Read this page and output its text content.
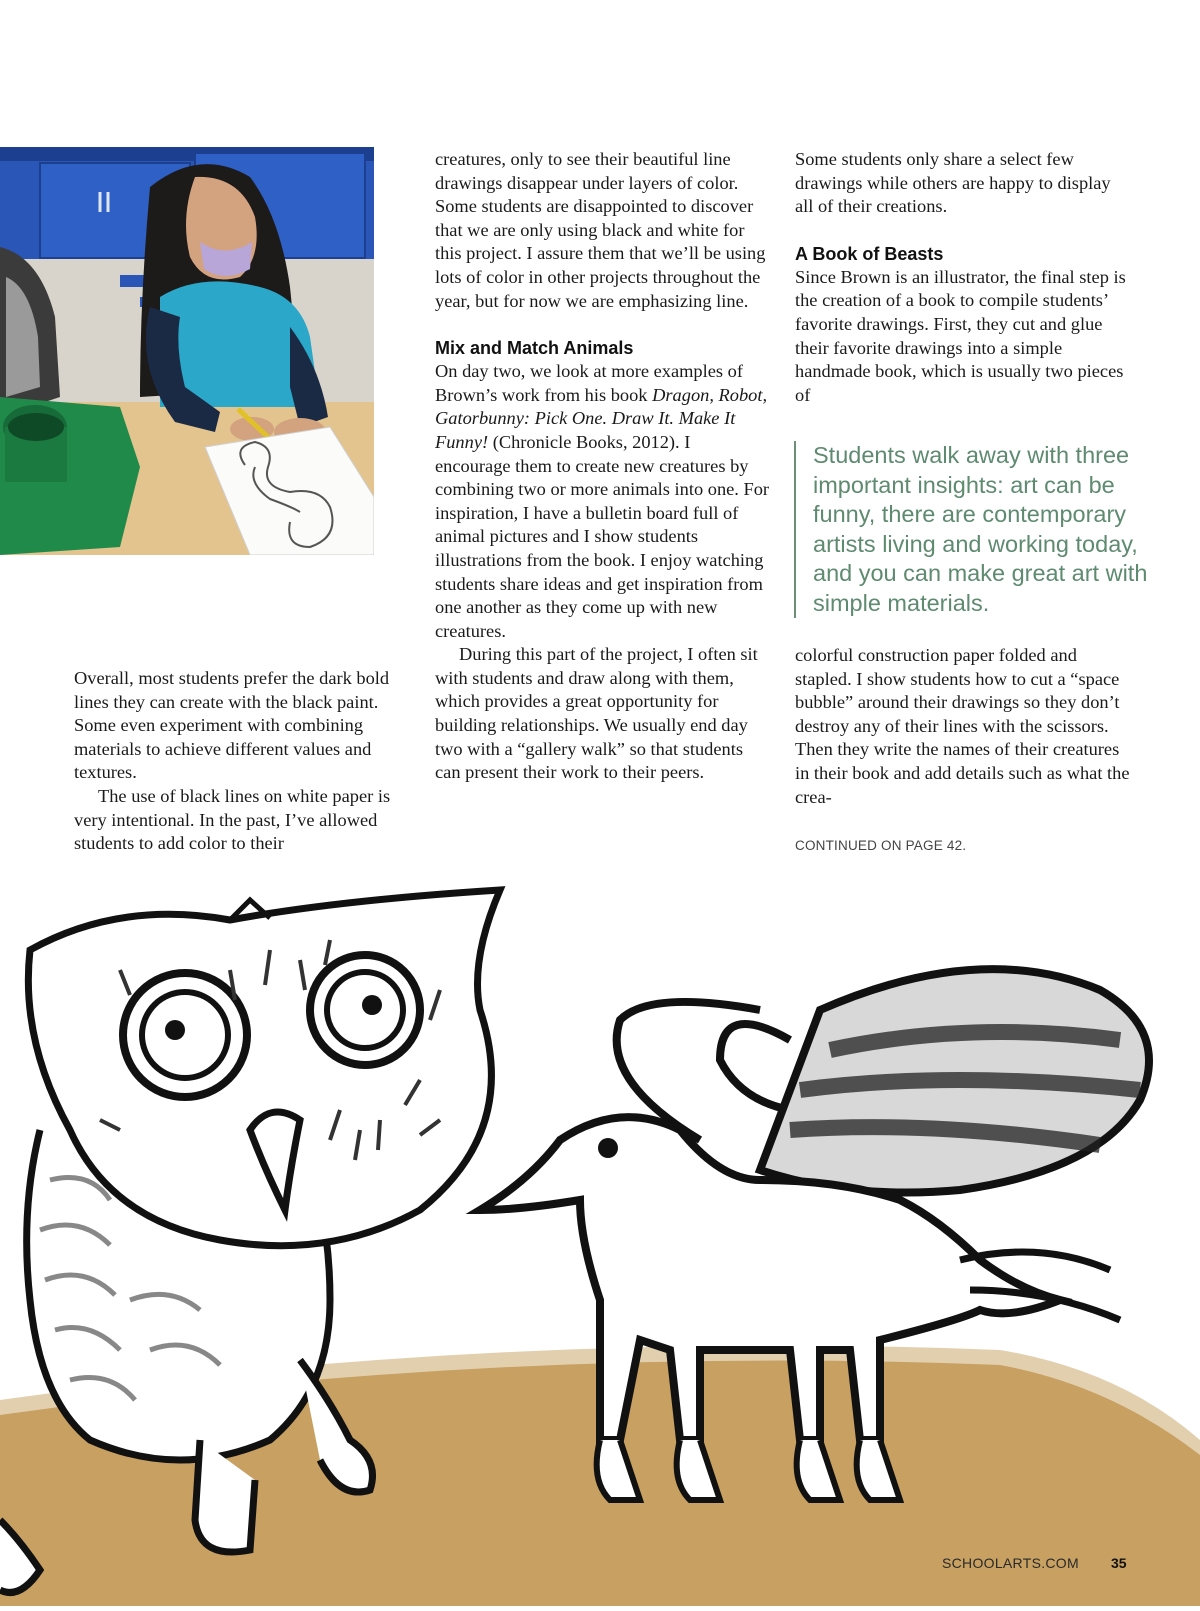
Overall, most students prefer the dark bold lines they can create with the black paint. Some even experiment with combining materials to achieve different values and textures.

The use of black lines on white paper is very intentional. In the past, I’ve allowed students to add color to their

creatures, only to see their beautiful line drawings disappear under layers of color. Some students are disappointed to discover that we are only using black and white for this project. I assure them that we’ll be using lots of color in other projects throughout the year, but for now we are emphasizing line.

Mix and Match Animals

On day two, we look at more examples of Brown’s work from his book Dragon, Robot, Gatorbunny: Pick One. Draw It. Make It Funny! (Chronicle Books, 2012). I encourage them to create new creatures by combining two or more animals into one. For inspiration, I have a bulletin board full of animal pictures and I show students illustrations from the book. I enjoy watching students share ideas and get inspiration from one another as they come up with new creatures.

During this part of the project, I often sit with students and draw along with them, which provides a great opportunity for building relationships. We usually end day two with a “gallery walk” so that students can present their work to their peers.

Some students only share a select few drawings while others are happy to display all of their creations.

A Book of Beasts

Since Brown is an illustrator, the final step is the creation of a book to compile students’ favorite drawings. First, they cut and glue their favorite drawings into a simple handmade book, which is usually two pieces of

Students walk away with three important insights: art can be funny, there are contemporary artists living and working today, and you can make great art with simple materials.

colorful construction paper folded and stapled. I show students how to cut a “space bubble” around their drawings so they don’t destroy any of their lines with the scissors. Then they write the names of their creatures in their book and add details such as what the crea-

CONTINUED ON PAGE 42.
SCHOOLARTS.COM 35
